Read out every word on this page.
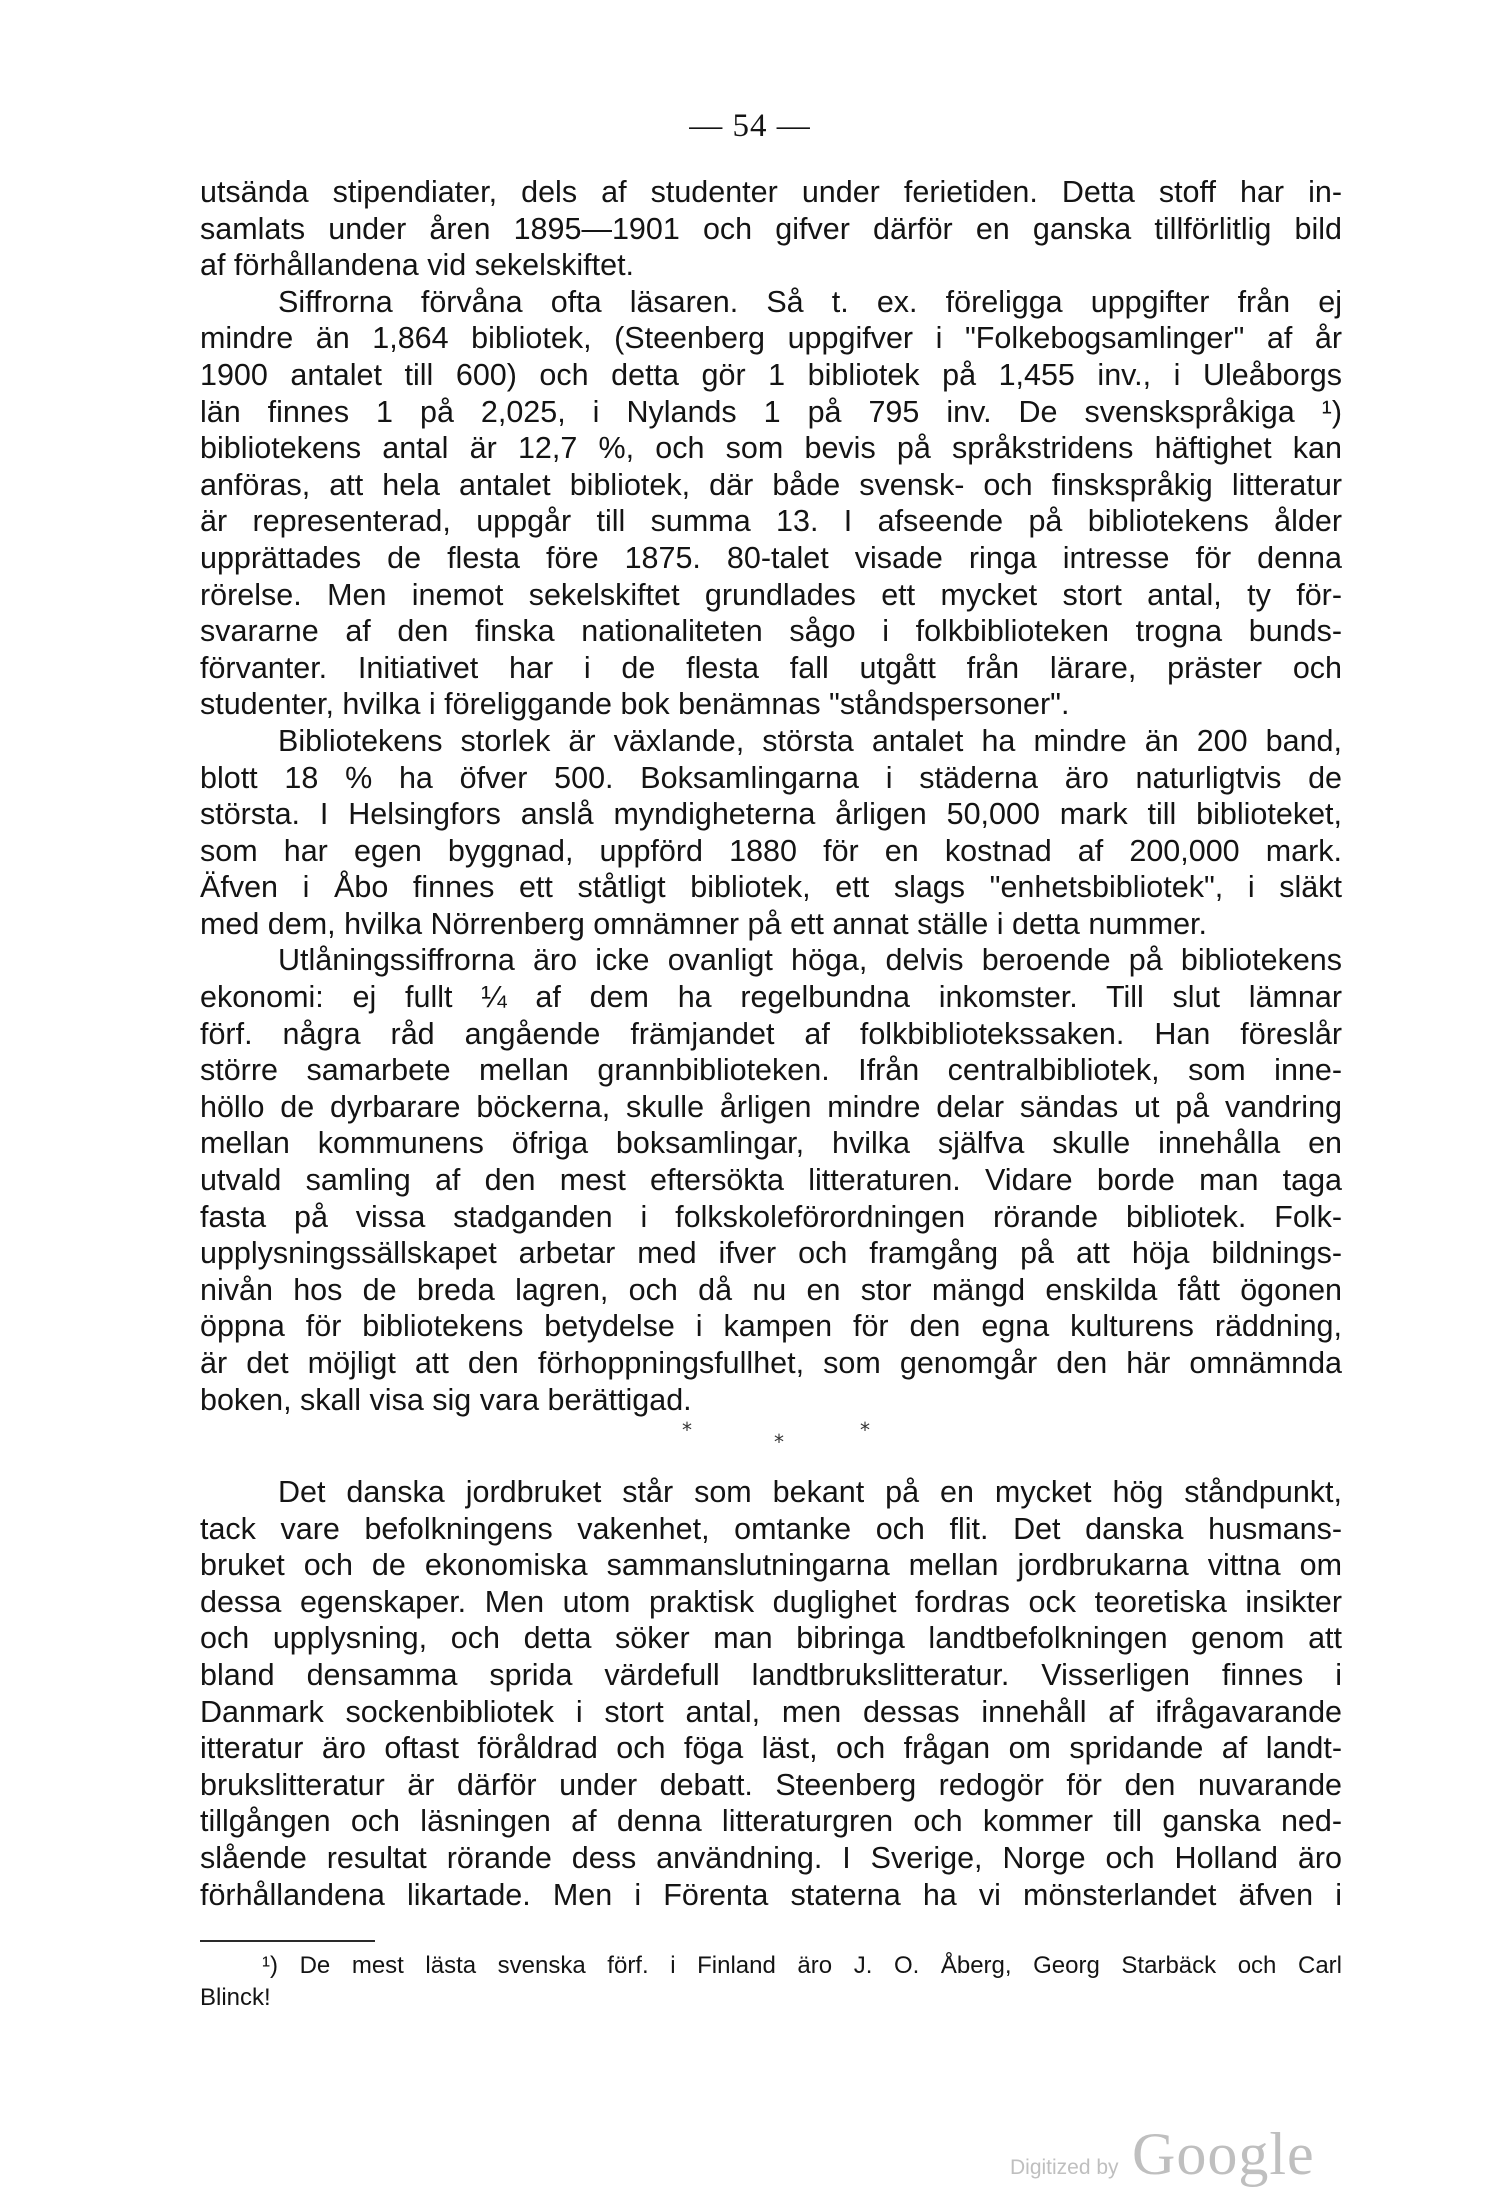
— 54 —
utsända stipendiater, dels af studenter under ferietiden. Detta stoff har in-
samlats under åren 1895—1901 och gifver därför en ganska tillförlitlig bild
af förhållandena vid sekelskiftet.
Siffrorna förvåna ofta läsaren. Så t. ex. föreligga uppgifter från ej
mindre än 1,864 bibliotek, (Steenberg uppgifver i "Folkebogsamlinger" af år
1900 antalet till 600) och detta gör 1 bibliotek på 1,455 inv., i Uleåborgs
län finnes 1 på 2,025, i Nylands 1 på 795 inv. De svenskspråkiga ¹)
bibliotekens antal är 12,7 %, och som bevis på språkstridens häftighet kan
anföras, att hela antalet bibliotek, där både svensk- och finskspråkig litteratur
är representerad, uppgår till summa 13. I afseende på bibliotekens ålder
upprättades de flesta före 1875. 80-talet visade ringa intresse för denna
rörelse. Men inemot sekelskiftet grundlades ett mycket stort antal, ty för-
svararne af den finska nationaliteten sågo i folkbiblioteken trogna bunds-
förvanter. Initiativet har i de flesta fall utgått från lärare, präster och
studenter, hvilka i föreliggande bok benämnas "ståndspersoner".
Bibliotekens storlek är växlande, största antalet ha mindre än 200 band,
blott 18 % ha öfver 500. Boksamlingarna i städerna äro naturligtvis de
största. I Helsingfors anslå myndigheterna årligen 50,000 mark till biblioteket,
som har egen byggnad, uppförd 1880 för en kostnad af 200,000 mark.
Äfven i Åbo finnes ett ståtligt bibliotek, ett slags "enhetsbibliotek", i släkt
med dem, hvilka Nörrenberg omnämner på ett annat ställe i detta nummer.
Utlåningssiffrorna äro icke ovanligt höga, delvis beroende på bibliotekens
ekonomi: ej fullt ¼ af dem ha regelbundna inkomster. Till slut lämnar
förf. några råd angående främjandet af folkbibliotekssaken. Han föreslår
större samarbete mellan grannbiblioteken. Ifrån centralbibliotek, som inne-
höllo de dyrbarare böckerna, skulle årligen mindre delar sändas ut på vandring
mellan kommunens öfriga boksamlingar, hvilka själfva skulle innehålla en
utvald samling af den mest eftersökta litteraturen. Vidare borde man taga
fasta på vissa stadganden i folkskoleförordningen rörande bibliotek. Folk-
upplysningssällskapet arbetar med ifver och framgång på att höja bildnings-
nivån hos de breda lagren, och då nu en stor mängd enskilda fått ögonen
öppna för bibliotekens betydelse i kampen för den egna kulturens räddning,
är det möjligt att den förhoppningsfullhet, som genomgår den här omnämnda
boken, skall visa sig vara berättigad.
*	*	*
Det danska jordbruket står som bekant på en mycket hög ståndpunkt,
tack vare befolkningens vakenhet, omtanke och flit. Det danska husmans-
bruket och de ekonomiska sammanslutningarna mellan jordbrukarna vittna om
dessa egenskaper. Men utom praktisk duglighet fordras ock teoretiska insikter
och upplysning, och detta söker man bibringa landtbefolkningen genom att
bland densamma sprida värdefull landtbrukslitteratur. Visserligen finnes i
Danmark sockenbibliotek i stort antal, men dessas innehåll af ifrågavarande
itteratur äro oftast föråldrad och föga läst, och frågan om spridande af landt-
brukslitteratur är därför under debatt. Steenberg redogör för den nuvarande
tillgången och läsningen af denna litteraturgren och kommer till ganska ned-
slående resultat rörande dess användning. I Sverige, Norge och Holland äro
förhållandena likartade. Men i Förenta staterna ha vi mönsterlandet äfven i
¹) De mest lästa svenska förf. i Finland äro J. O. Åberg, Georg Starbäck och Carl
Blinck!
Digitized by Google
